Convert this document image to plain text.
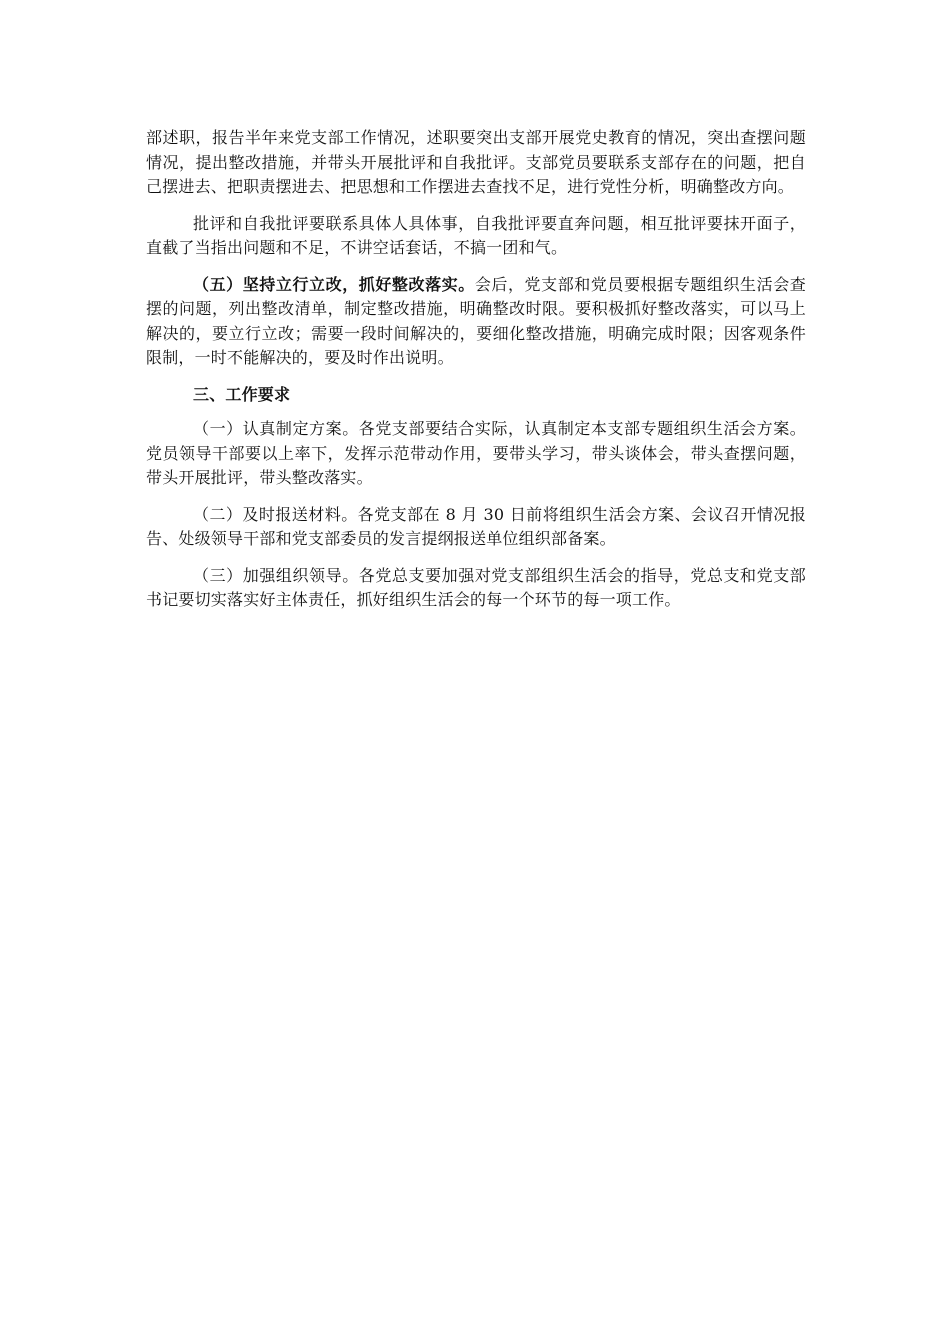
部述职，报告半年来党支部工作情况，述职要突出支部开展党史教育的情况，突出查摆问题情况，提出整改措施，并带头开展批评和自我批评。支部党员要联系支部存在的问题，把自己摆进去、把职责摆进去、把思想和工作摆进去查找不足，进行党性分析，明确整改方向。

批评和自我批评要联系具体人具体事，自我批评要直奔问题，相互批评要抹开面子，直截了当指出问题和不足，不讲空话套话，不搞一团和气。

（五）坚持立行立改，抓好整改落实。会后，党支部和党员要根据专题组织生活会查摆的问题，列出整改清单，制定整改措施，明确整改时限。要积极抓好整改落实，可以马上解决的，要立行立改；需要一段时间解决的，要细化整改措施，明确完成时限；因客观条件限制，一时不能解决的，要及时作出说明。

三、工作要求

（一）认真制定方案。各党支部要结合实际，认真制定本支部专题组织生活会方案。党员领导干部要以上率下，发挥示范带动作用，要带头学习，带头谈体会，带头查摆问题，带头开展批评，带头整改落实。

（二）及时报送材料。各党支部在 8 月 30 日前将组织生活会方案、会议召开情况报告、处级领导干部和党支部委员的发言提纲报送单位组织部备案。

（三）加强组织领导。各党总支要加强对党支部组织生活会的指导，党总支和党支部书记要切实落实好主体责任，抓好组织生活会的每一个环节的每一项工作。
